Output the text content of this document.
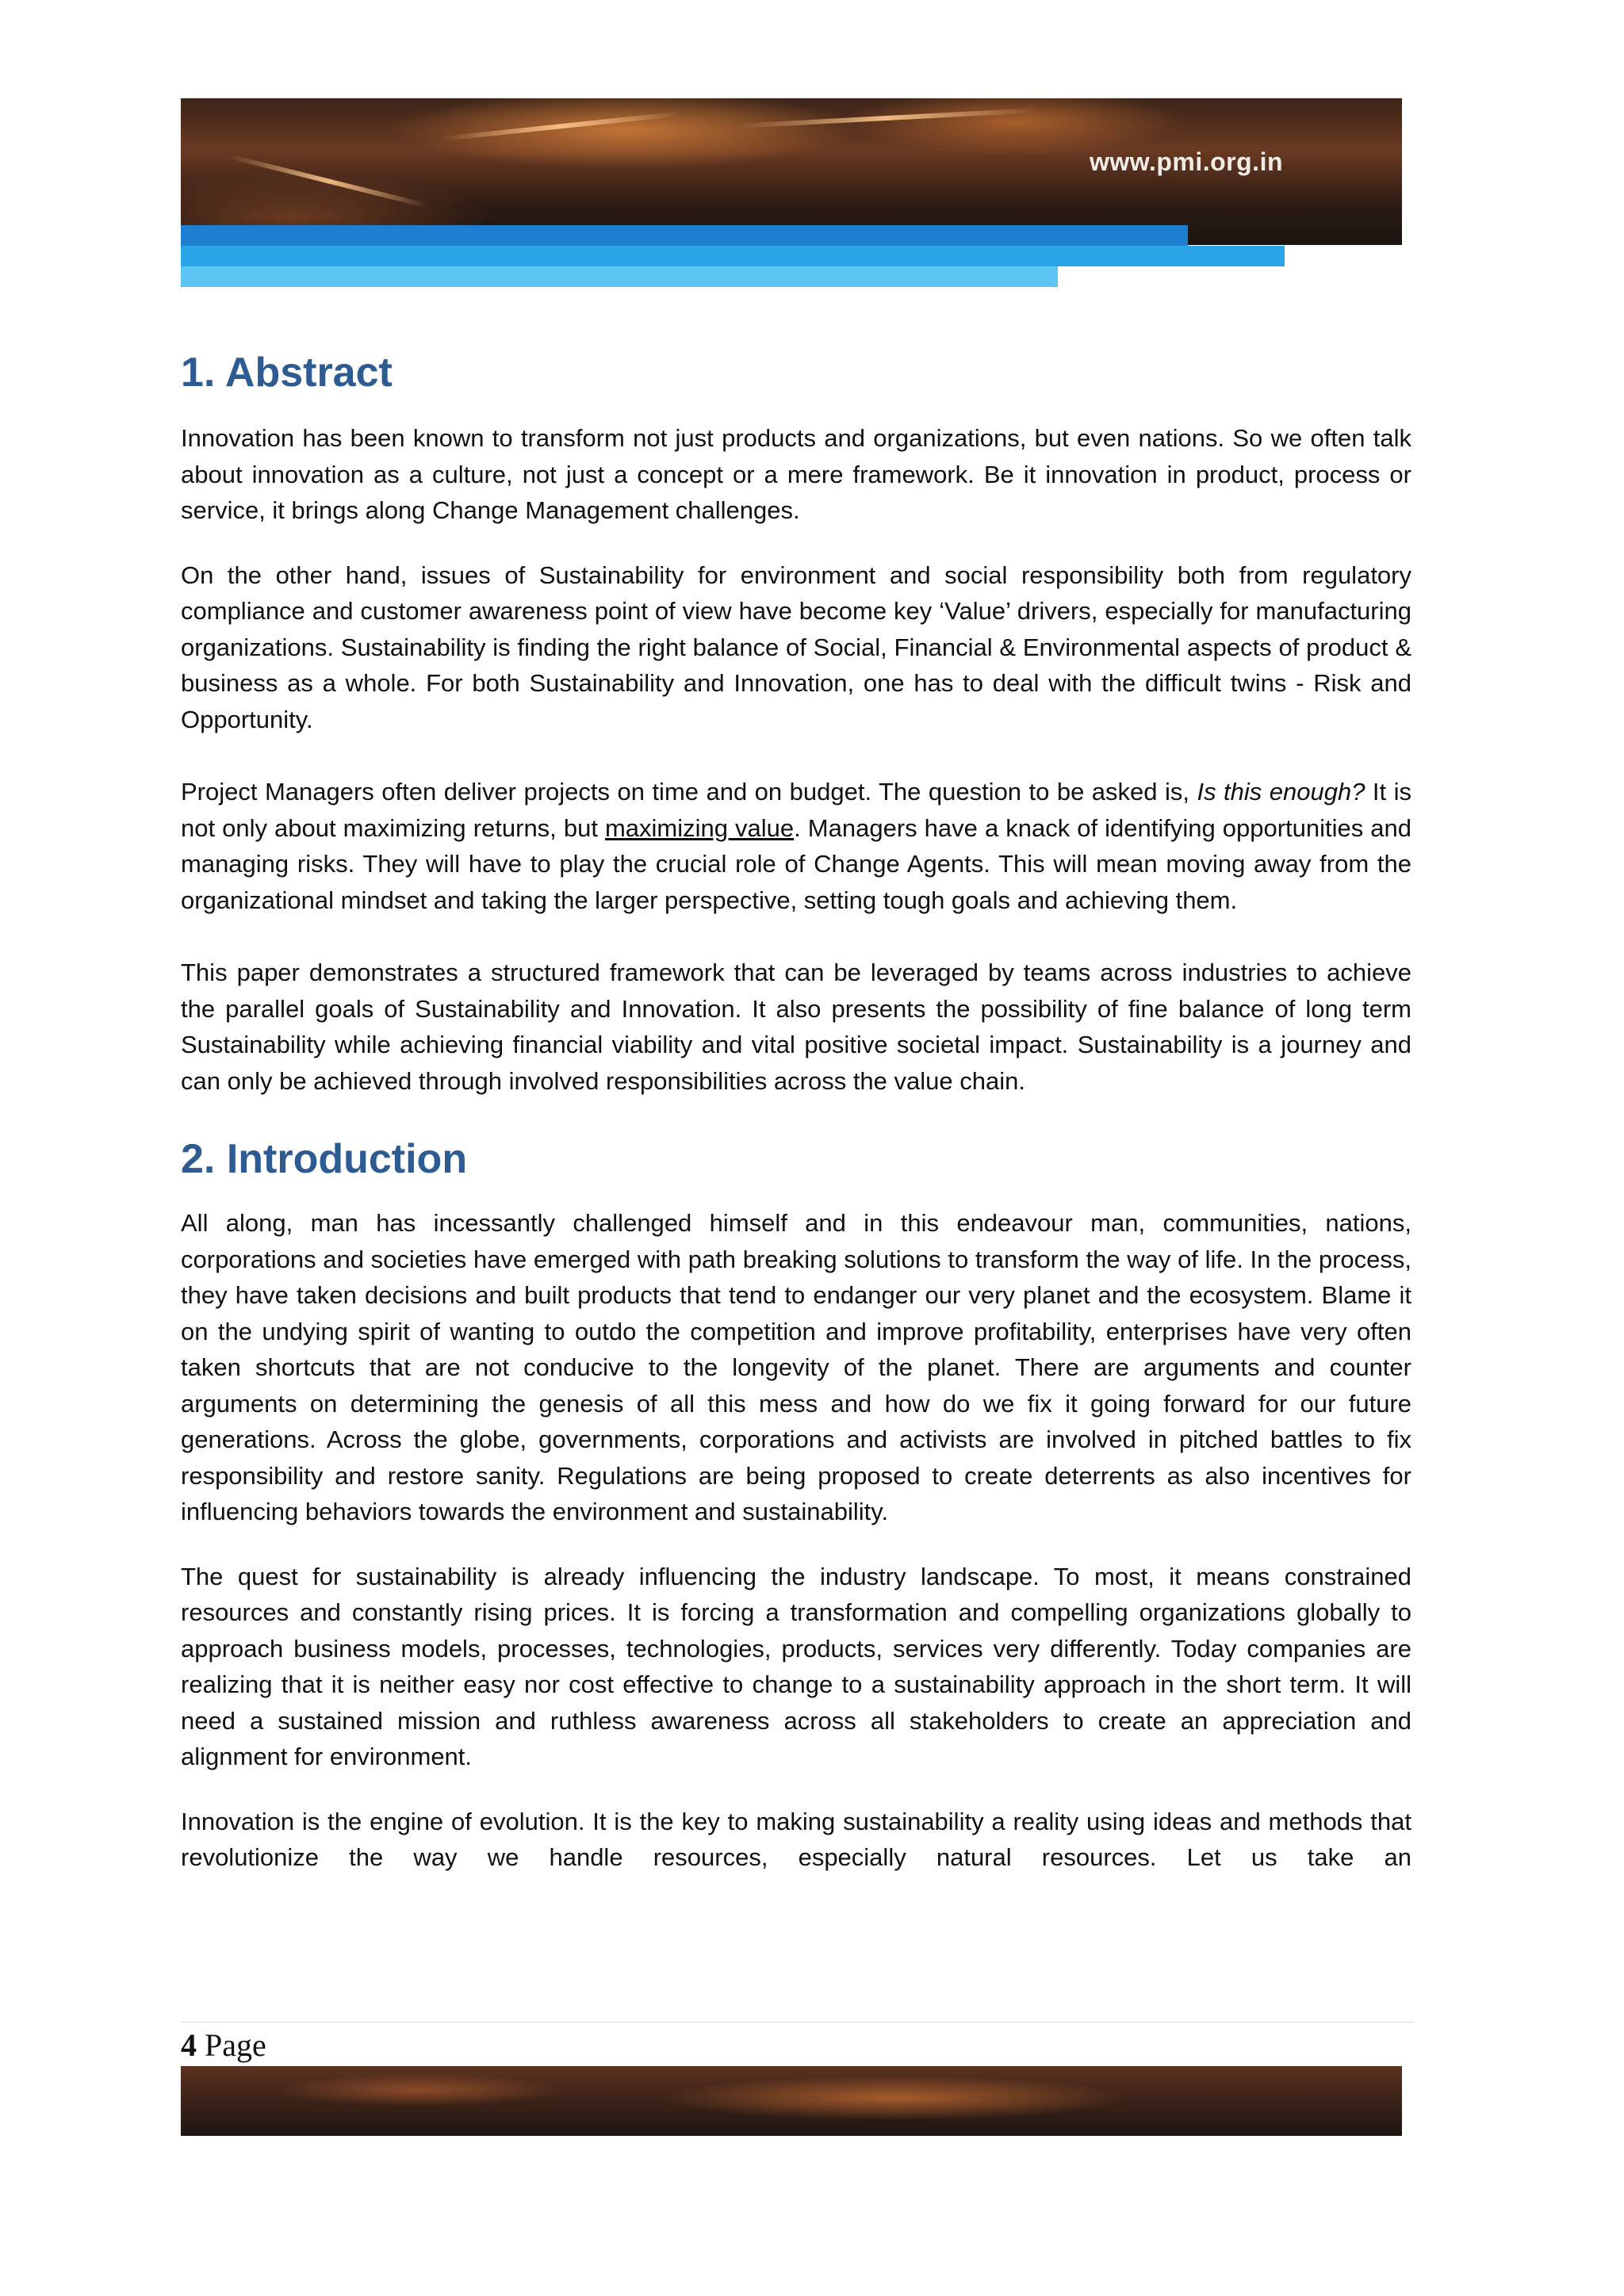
www.pmi.org.in
1. Abstract

Innovation has been known to transform not just products and organizations, but even nations. So we often talk about innovation as a culture, not just a concept or a mere framework. Be it innovation in product, process or service, it brings along Change Management challenges.

On the other hand, issues of Sustainability for environment and social responsibility both from regulatory compliance and customer awareness point of view have become key ‘Value’ drivers, especially for manufacturing organizations. Sustainability is finding the right balance of Social, Financial & Environmental aspects of product & business as a whole. For both Sustainability and Innovation, one has to deal with the difficult twins - Risk and Opportunity.

Project Managers often deliver projects on time and on budget. The question to be asked is, Is this enough? It is not only about maximizing returns, but maximizing value. Managers have a knack of identifying opportunities and managing risks. They will have to play the crucial role of Change Agents. This will mean moving away from the organizational mindset and taking the larger perspective, setting tough goals and achieving them.

This paper demonstrates a structured framework that can be leveraged by teams across industries to achieve the parallel goals of Sustainability and Innovation. It also presents the possibility of fine balance of long term Sustainability while achieving financial viability and vital positive societal impact. Sustainability is a journey and can only be achieved through involved responsibilities across the value chain.

2. Introduction

All along, man has incessantly challenged himself and in this endeavour man, communities, nations, corporations and societies have emerged with path breaking solutions to transform the way of life. In the process, they have taken decisions and built products that tend to endanger our very planet and the ecosystem. Blame it on the undying spirit of wanting to outdo the competition and improve profitability, enterprises have very often taken shortcuts that are not conducive to the longevity of the planet. There are arguments and counter arguments on determining the genesis of all this mess and how do we fix it going forward for our future generations. Across the globe, governments, corporations and activists are involved in pitched battles to fix responsibility and restore sanity. Regulations are being proposed to create deterrents as also incentives for influencing behaviors towards the environment and sustainability.

The quest for sustainability is already influencing the industry landscape. To most, it means constrained resources and constantly rising prices. It is forcing a transformation and compelling organizations globally to approach business models, processes, technologies, products, services very differently. Today companies are realizing that it is neither easy nor cost effective to change to a sustainability approach in the short term. It will need a sustained mission and ruthless awareness across all stakeholders to create an appreciation and alignment for environment.

Innovation is the engine of evolution. It is the key to making sustainability a reality using ideas and methods that revolutionize the way we handle resources, especially natural resources. Let us take an

4 Page
